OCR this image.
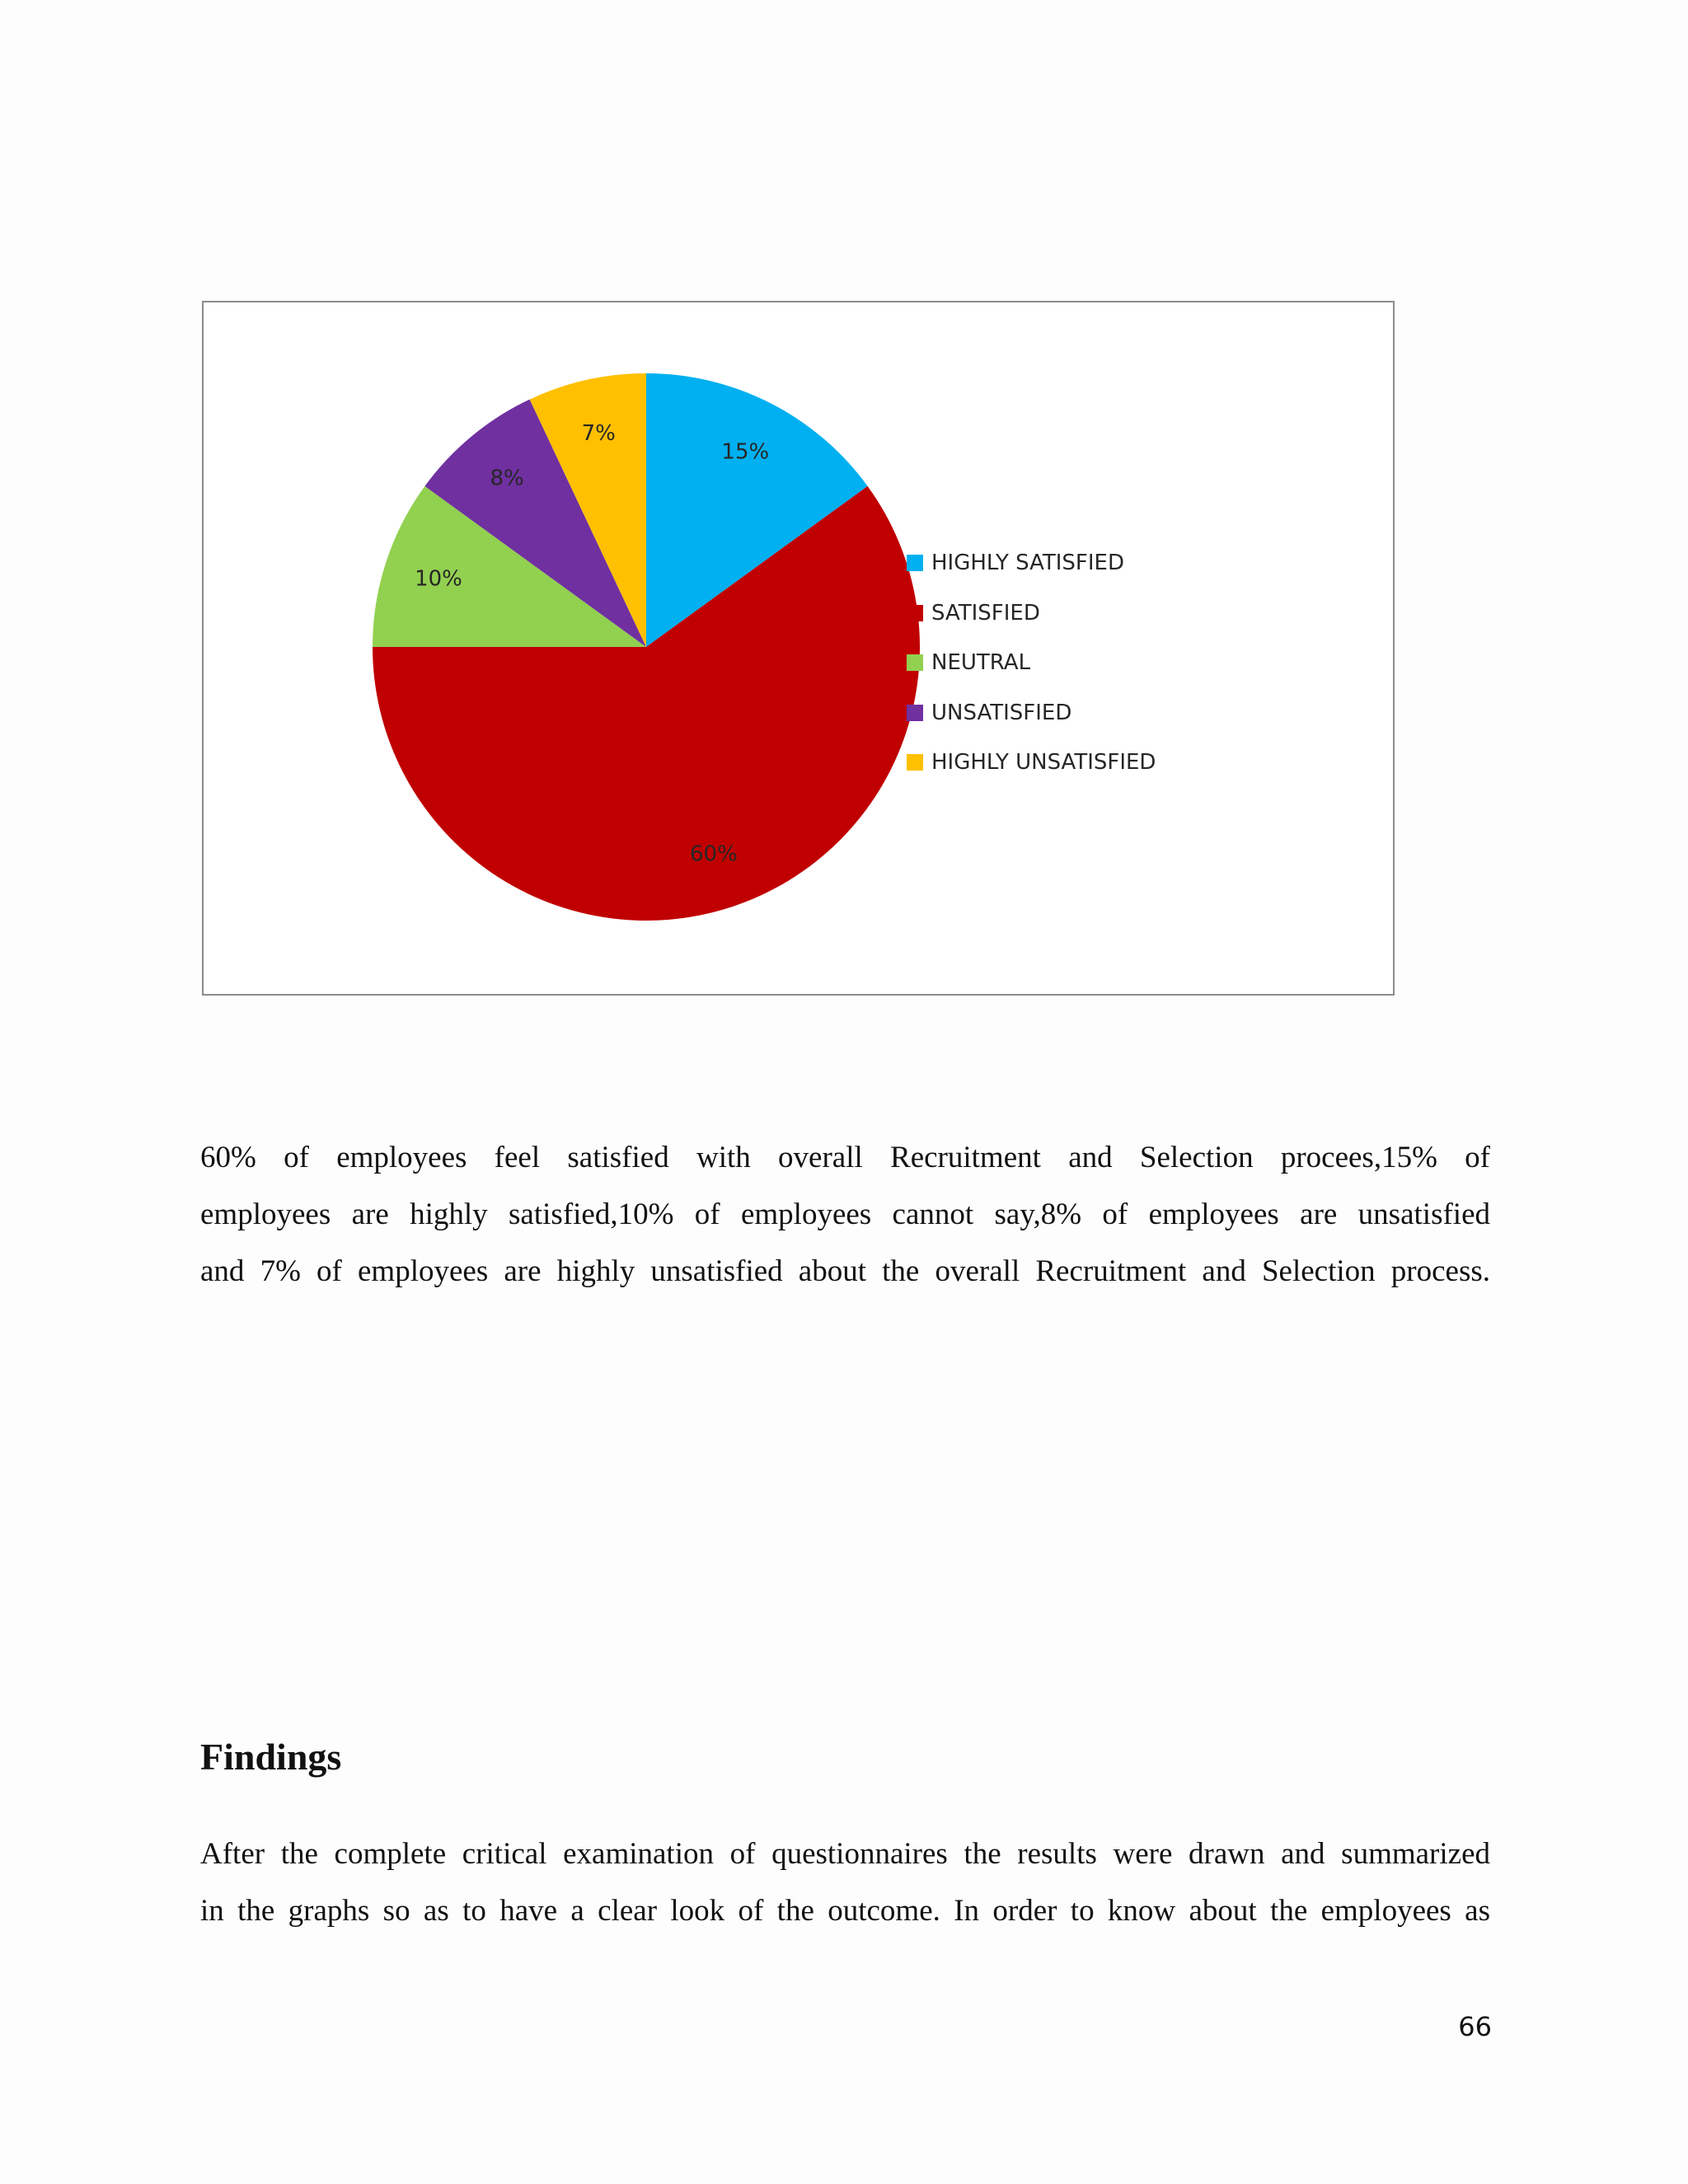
15%
60%
10%
8%
7%
HIGHLY SATISFIED
SATISFIED
NEUTRAL
UNSATISFIED
HIGHLY UNSATISFIED
60% of employees feel satisfied with overall Recruitment and Selection procees,15% of
employees are highly satisfied,10% of employees cannot say,8% of employees are unsatisfied
and 7% of employees are highly unsatisfied about the overall Recruitment and Selection process.
Findings
After the complete critical examination of questionnaires the results were drawn and summarized
in the graphs so as to have a clear look of the outcome. In order to know about the employees as
66
